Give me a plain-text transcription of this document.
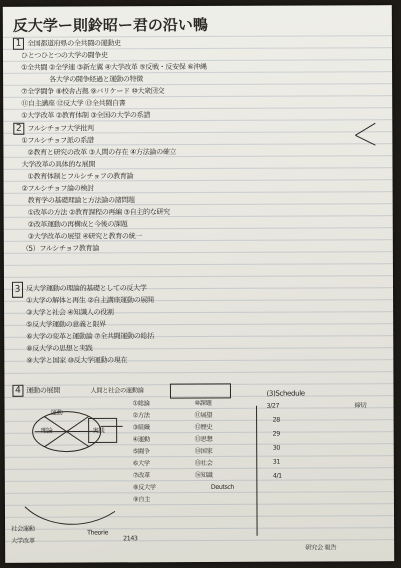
反大学ー則鈴昭ー君の沿い鴨
1 全国都道府県の全共闘の運動史
ひとつひとつの大学の闘争史
①全共闘 ②全学連 ③新左翼 ④大学改革 ⑤反戦・反安保 ⑥沖縄
各大学の闘争経過と運動の特徴
⑦全学闘争 ⑧校舎占拠 ⑨バリケード ⑩大衆団交
⑪自主講座 ⑫反大学 ⑬全共闘白書
①大学改革 ②教育体制 ③全国の大学の系譜
2 フルシチョフ大学批判
①フルシチョフ派の系譜
②教育と研究の改革 ③人間の存在 ④方法論の確立
大学改革の具体的な展開
①教育体制とフルシチョフの教育論
②フルシチョフ論の検討
教育学の基礎理論と方法論の諸問題
①改革の方法 ②教育課程の再編 ③自主的な研究
②改革運動の再構成と今後の課題
③大学改革の展望 ④研究と教育の統一
（5）フルシチョフ教育論
3 反大学運動の理論的基礎としての反大学
①大学の解体と再生 ②自主講座運動の展開
③大学と社会 ④知識人の役割
⑤反大学運動の意義と限界
⑥大学の変革と運動論 ⑦全共闘運動の総括
⑧反大学の思想と実践
⑨大学と国家 ⑩反大学運動の現在
4 運動の展開	人間と社会の運動論
運動
理論	実践
①総論
②方法
③組織
④運動
⑤闘争
⑥大学
⑦改革
⑧反大学
⑨自主
⑩課題
⑪展望
⑫歴史
⑬思想
⑭国家
⑮社会
⑯知識
Deutsch
(3)Schedule
3/27
28
29
30
31
4/1
締切
社会運動
大学改革
Theorie
2143
研究会 報告
